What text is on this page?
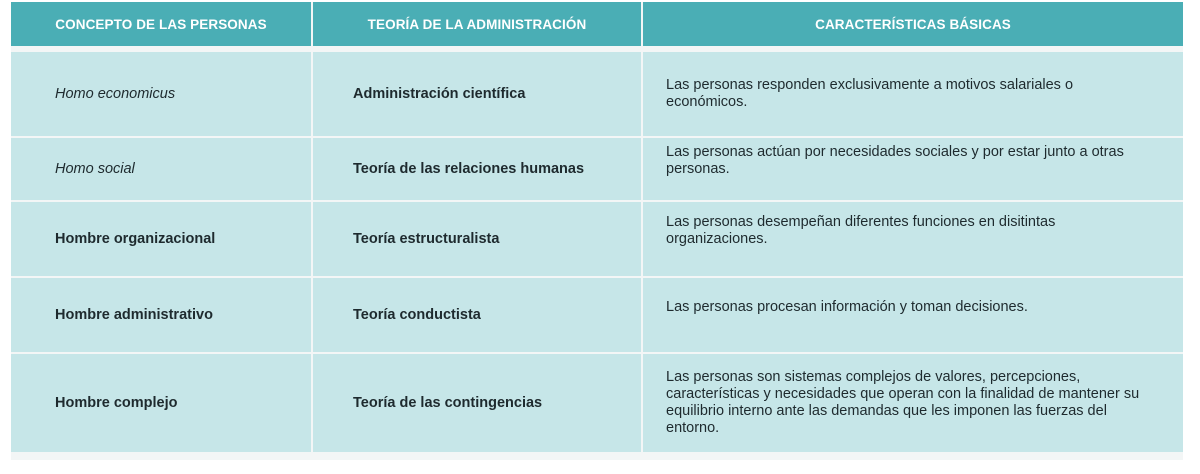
CONCEPTO DE LAS PERSONAS	TEORÍA DE LA ADMINISTRACIÓN	CARACTERÍSTICAS BÁSICAS

Homo economicus	Administración científica	Las personas responden exclusivamente a motivos salariales o económicos.
Homo social	Teoría de las relaciones humanas	Las personas actúan por necesidades sociales y por estar junto a otras personas.

Hombre organizacional	Teoría estructuralista	Las personas desempeñan diferentes funciones en disitintas organizaciones.

Hombre administrativo	Teoría conductista	Las personas procesan información y toman decisiones.

Hombre complejo	Teoría de las contingencias	Las personas son sistemas complejos de valores, percepciones, características y necesidades que operan con la finalidad de mantener su equilibrio interno ante las demandas que les imponen las fuerzas del entorno.
